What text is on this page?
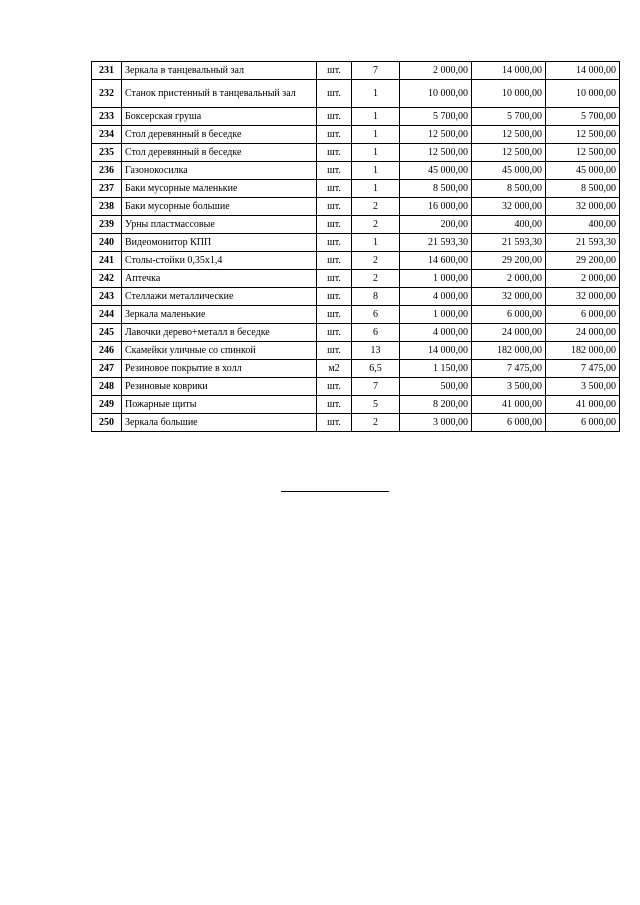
231	Зеркала в танцевальный зал	шт.	7	2 000,00	14 000,00	14 000,00
232	Станок пристенный в танцевальный зал	шт.	1	10 000,00	10 000,00	10 000,00
233	Боксерская груша	шт.	1	5 700,00	5 700,00	5 700,00
234	Стол деревянный в беседке	шт.	1	12 500,00	12 500,00	12 500,00
235	Стол деревянный в беседке	шт.	1	12 500,00	12 500,00	12 500,00
236	Газонокосилка	шт.	1	45 000,00	45 000,00	45 000,00
237	Баки мусорные маленькие	шт.	1	8 500,00	8 500,00	8 500,00
238	Баки мусорные большие	шт.	2	16 000,00	32 000,00	32 000,00
239	Урны пластмассовые	шт.	2	200,00	400,00	400,00
240	Видеомонитор КПП	шт.	1	21 593,30	21 593,30	21 593,30
241	Столы-стойки 0,35х1,4	шт.	2	14 600,00	29 200,00	29 200,00
242	Аптечка	шт.	2	1 000,00	2 000,00	2 000,00
243	Стеллажи металлические	шт.	8	4 000,00	32 000,00	32 000,00
244	Зеркала маленькие	шт.	6	1 000,00	6 000,00	6 000,00
245	Лавочки дерево+металл в беседке	шт.	6	4 000,00	24 000,00	24 000,00
246	Скамейки уличные со спинкой	шт.	13	14 000,00	182 000,00	182 000,00
247	Резиновое покрытие в холл	м2	6,5	1 150,00	7 475,00	7 475,00
248	Резиновые коврики	шт.	7	500,00	3 500,00	3 500,00
249	Пожарные щиты	шт.	5	8 200,00	41 000,00	41 000,00
250	Зеркала большие	шт.	2	3 000,00	6 000,00	6 000,00
